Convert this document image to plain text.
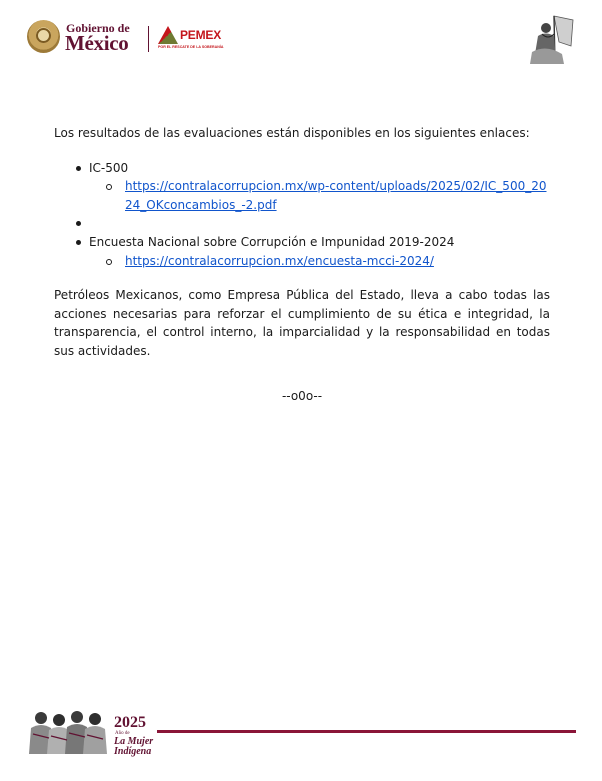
Gobierno de
México	PEMEX
POR EL RESCATE DE LA SOBERANÍA

Los resultados de las evaluaciones están disponibles en los siguientes enlaces:

IC-500
https://contralacorrupcion.mx/wp-content/uploads/2025/02/IC_500_2024_OKconcambios_-2.pdf
Encuesta Nacional sobre Corrupción e Impunidad 2019-2024
https://contralacorrupcion.mx/encuesta-mcci-2024/

Petróleos Mexicanos, como Empresa Pública del Estado, lleva a cabo todas las acciones necesarias para reforzar el cumplimiento de su ética e integridad, la transparencia, el control interno, la imparcialidad y la responsabilidad en todas sus actividades.

--o0o--

2025
Año de
La Mujer
Indígena
